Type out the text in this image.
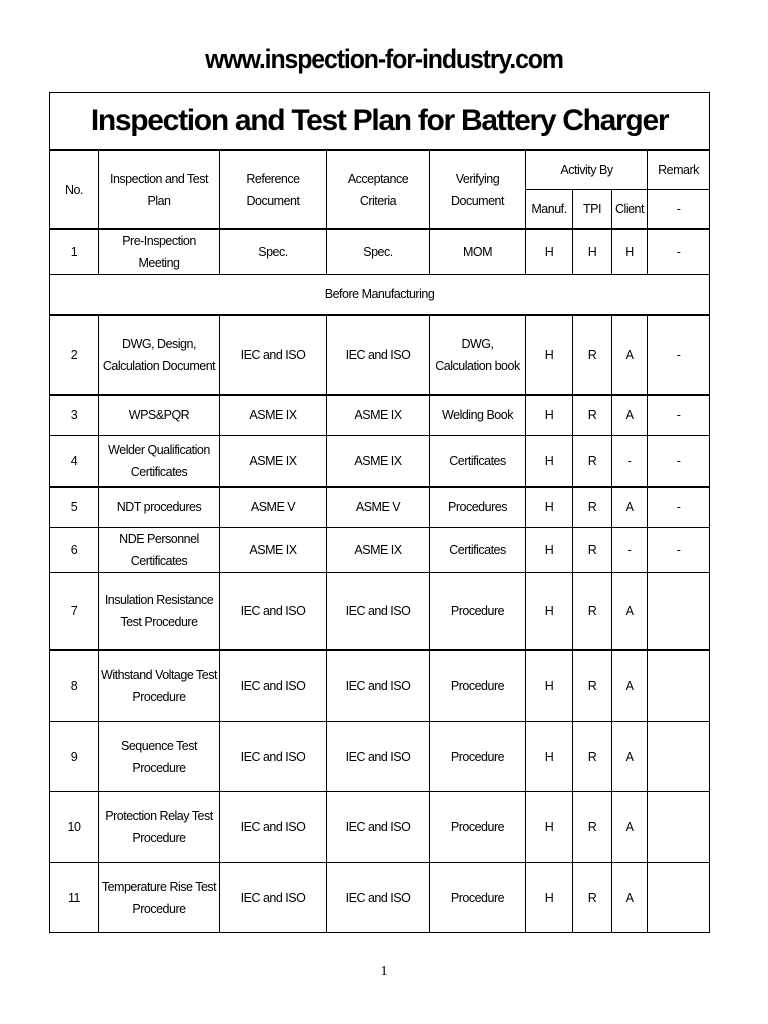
www.inspection-for-industry.com
Inspection and Test Plan for Battery Charger								
No.	Inspection and Test Plan	Reference Document	Acceptance Criteria	Verifying Document	Activity By			Remark
					Manuf.	TPI	Client	-
1	Pre-Inspection Meeting	Spec.	Spec.	MOM	H	H	H	-
Before Manufacturing								
2	DWG, Design, Calculation Document	IEC and ISO	IEC and ISO	DWG, Calculation book	H	R	A	-
3	WPS&PQR	ASME IX	ASME IX	Welding Book	H	R	A	-
4	Welder Qualification Certificates	ASME IX	ASME IX	Certificates	H	R	-	-
5	NDT procedures	ASME V	ASME V	Procedures	H	R	A	-
6	NDE Personnel Certificates	ASME IX	ASME IX	Certificates	H	R	-	-
7	Insulation Resistance Test Procedure	IEC and ISO	IEC and ISO	Procedure	H	R	A	
8	Withstand Voltage Test Procedure	IEC and ISO	IEC and ISO	Procedure	H	R	A	
9	Sequence Test Procedure	IEC and ISO	IEC and ISO	Procedure	H	R	A	
10	Protection Relay Test Procedure	IEC and ISO	IEC and ISO	Procedure	H	R	A	
11	Temperature Rise Test Procedure	IEC and ISO	IEC and ISO	Procedure	H	R	A	
1
